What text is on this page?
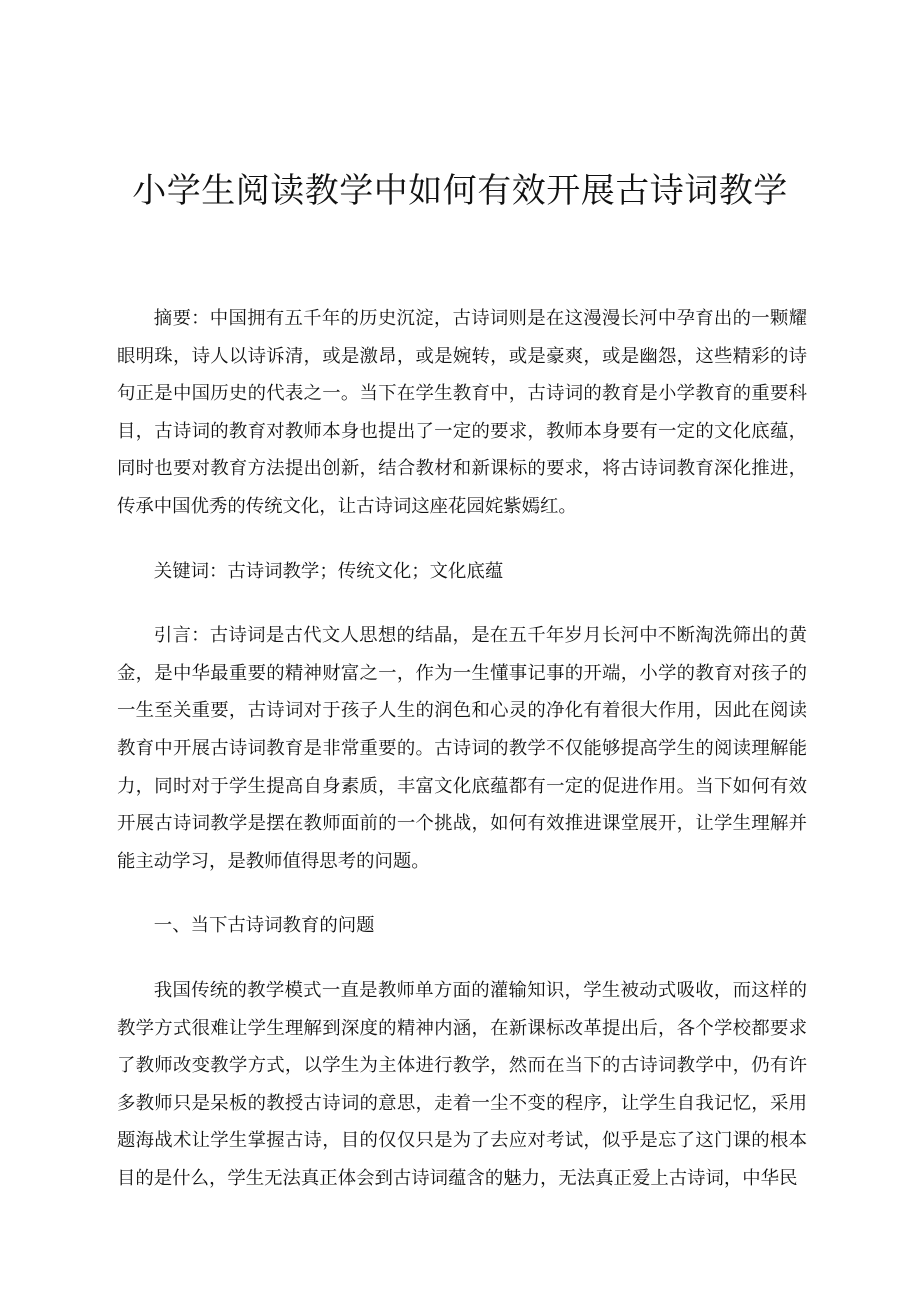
小学生阅读教学中如何有效开展古诗词教学

摘要：中国拥有五千年的历史沉淀，古诗词则是在这漫漫长河中孕育出的一颗耀眼明珠，诗人以诗诉清，或是激昂，或是婉转，或是豪爽，或是幽怨，这些精彩的诗句正是中国历史的代表之一。当下在学生教育中，古诗词的教育是小学教育的重要科目，古诗词的教育对教师本身也提出了一定的要求，教师本身要有一定的文化底蕴，同时也要对教育方法提出创新，结合教材和新课标的要求，将古诗词教育深化推进，传承中国优秀的传统文化，让古诗词这座花园姹紫嫣红。

关键词：古诗词教学；传统文化；文化底蕴

引言：古诗词是古代文人思想的结晶，是在五千年岁月长河中不断淘洗筛出的黄金，是中华最重要的精神财富之一，作为一生懂事记事的开端，小学的教育对孩子的一生至关重要，古诗词对于孩子人生的润色和心灵的净化有着很大作用，因此在阅读教育中开展古诗词教育是非常重要的。古诗词的教学不仅能够提高学生的阅读理解能力，同时对于学生提高自身素质，丰富文化底蕴都有一定的促进作用。当下如何有效开展古诗词教学是摆在教师面前的一个挑战，如何有效推进课堂展开，让学生理解并能主动学习，是教师值得思考的问题。

一、当下古诗词教育的问题

我国传统的教学模式一直是教师单方面的灌输知识，学生被动式吸收，而这样的教学方式很难让学生理解到深度的精神内涵，在新课标改革提出后，各个学校都要求了教师改变教学方式，以学生为主体进行教学，然而在当下的古诗词教学中，仍有许多教师只是呆板的教授古诗词的意思，走着一尘不变的程序，让学生自我记忆，采用题海战术让学生掌握古诗，目的仅仅只是为了去应对考试，似乎是忘了这门课的根本目的是什么，学生无法真正体会到古诗词蕴含的魅力，无法真正爱上古诗词，中华民
